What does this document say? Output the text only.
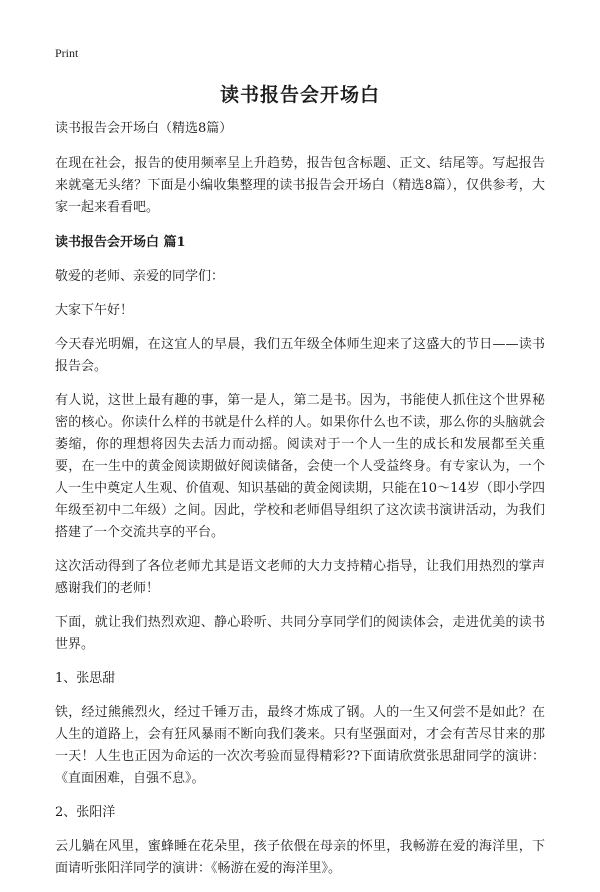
Print
读书报告会开场白

读书报告会开场白（精选8篇）

在现在社会，报告的使用频率呈上升趋势，报告包含标题、正文、结尾等。写起报告来就毫无头绪？下面是小编收集整理的读书报告会开场白（精选8篇），仅供参考，大家一起来看看吧。

读书报告会开场白 篇1

敬爱的老师、亲爱的同学们：

大家下午好！

今天春光明媚，在这宜人的早晨，我们五年级全体师生迎来了这盛大的节日——读书报告会。

有人说，这世上最有趣的事，第一是人，第二是书。因为，书能使人抓住这个世界秘密的核心。你读什么样的书就是什么样的人。如果你什么也不读，那么你的头脑就会萎缩，你的理想将因失去活力而动摇。阅读对于一个人一生的成长和发展都至关重要，在一生中的黄金阅读期做好阅读储备，会使一个人受益终身。有专家认为，一个人一生中奠定人生观、价值观、知识基础的黄金阅读期，只能在10～14岁（即小学四年级至初中二年级）之间。因此，学校和老师倡导组织了这次读书演讲活动，为我们搭建了一个交流共享的平台。

这次活动得到了各位老师尤其是语文老师的大力支持精心指导，让我们用热烈的掌声感谢我们的老师！

下面，就让我们热烈欢迎、静心聆听、共同分享同学们的阅读体会，走进优美的读书世界。

1、张思甜

铁，经过熊熊烈火，经过千锤万击，最终才炼成了钢。人的一生又何尝不是如此？在人生的道路上，会有狂风暴雨不断向我们袭来。只有坚强面对，才会有苦尽甘来的那一天！人生也正因为命运的一次次考验而显得精彩??下面请欣赏张思甜同学的演讲：《直面困难，自强不息》。

2、张阳洋

云儿躺在风里，蜜蜂睡在花朵里，孩子依偎在母亲的怀里，我畅游在爱的海洋里，下面请听张阳洋同学的演讲：《畅游在爱的海洋里》。
